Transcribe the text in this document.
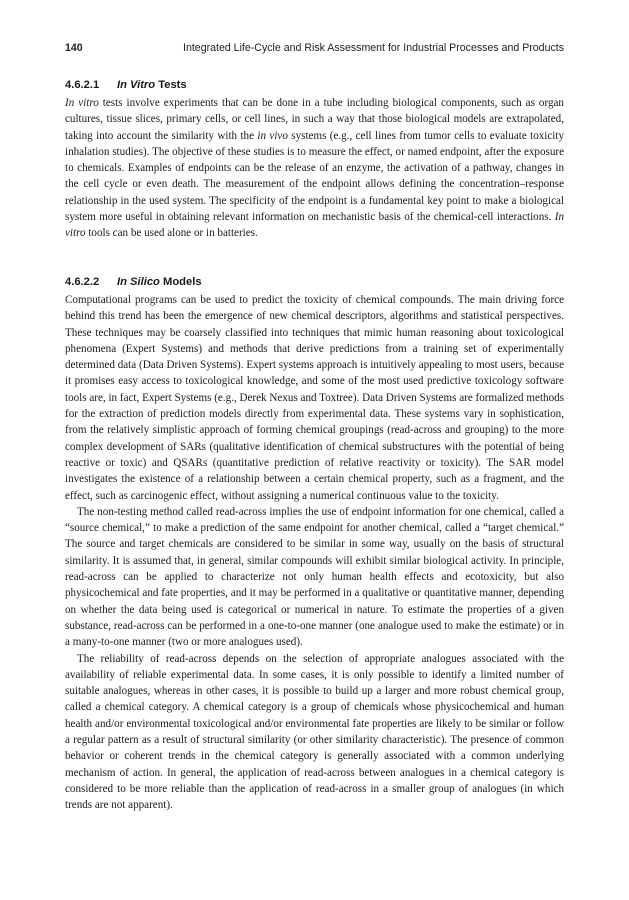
140	Integrated Life-Cycle and Risk Assessment for Industrial Processes and Products
4.6.2.1 In Vitro Tests

In vitro tests involve experiments that can be done in a tube including biological components, such as organ cultures, tissue slices, primary cells, or cell lines, in such a way that those biological models are extrapolated, taking into account the similarity with the in vivo systems (e.g., cell lines from tumor cells to evaluate toxicity inhalation studies). The objective of these studies is to measure the effect, or named endpoint, after the exposure to chemicals. Examples of endpoints can be the release of an enzyme, the activation of a pathway, changes in the cell cycle or even death. The measurement of the endpoint allows defining the concentration–response relationship in the used system. The specificity of the endpoint is a fundamental key point to make a biological system more useful in obtaining relevant information on mechanistic basis of the chemical-cell interactions. In vitro tools can be used alone or in batteries.

4.6.2.2 In Silico Models

Computational programs can be used to predict the toxicity of chemical compounds. The main driving force behind this trend has been the emergence of new chemical descriptors, algorithms and statistical perspectives. These techniques may be coarsely classified into techniques that mimic human reasoning about toxicological phenomena (Expert Systems) and methods that derive predictions from a training set of experimentally determined data (Data Driven Systems). Expert systems approach is intuitively appealing to most users, because it promises easy access to toxicological knowledge, and some of the most used predictive toxicology software tools are, in fact, Expert Systems (e.g., Derek Nexus and Toxtree). Data Driven Systems are formalized methods for the extraction of prediction models directly from experimental data. These systems vary in sophistication, from the relatively simplistic approach of forming chemical groupings (read-across and grouping) to the more complex development of SARs (qualitative identification of chemical substructures with the potential of being reactive or toxic) and QSARs (quantitative prediction of relative reactivity or toxicity). The SAR model investigates the existence of a relationship between a certain chemical property, such as a fragment, and the effect, such as carcinogenic effect, without assigning a numerical continuous value to the toxicity.

The non-testing method called read-across implies the use of endpoint information for one chemical, called a “source chemical,” to make a prediction of the same endpoint for another chemical, called a “target chemical.” The source and target chemicals are considered to be similar in some way, usually on the basis of structural similarity. It is assumed that, in general, similar compounds will exhibit similar biological activity. In principle, read-across can be applied to characterize not only human health effects and ecotoxicity, but also physicochemical and fate properties, and it may be performed in a qualitative or quantitative manner, depending on whether the data being used is categorical or numerical in nature. To estimate the properties of a given substance, read-across can be performed in a one-to-one manner (one analogue used to make the estimate) or in a many-to-one manner (two or more analogues used).

The reliability of read-across depends on the selection of appropriate analogues associated with the availability of reliable experimental data. In some cases, it is only possible to identify a limited number of suitable analogues, whereas in other cases, it is possible to build up a larger and more robust chemical group, called a chemical category. A chemical category is a group of chemicals whose physicochemical and human health and/or environmental toxicological and/or environmental fate properties are likely to be similar or follow a regular pattern as a result of structural similarity (or other similarity characteristic). The presence of common behavior or coherent trends in the chemical category is generally associated with a common underlying mechanism of action. In general, the application of read-across between analogues in a chemical category is considered to be more reliable than the application of read-across in a smaller group of analogues (in which trends are not apparent).
